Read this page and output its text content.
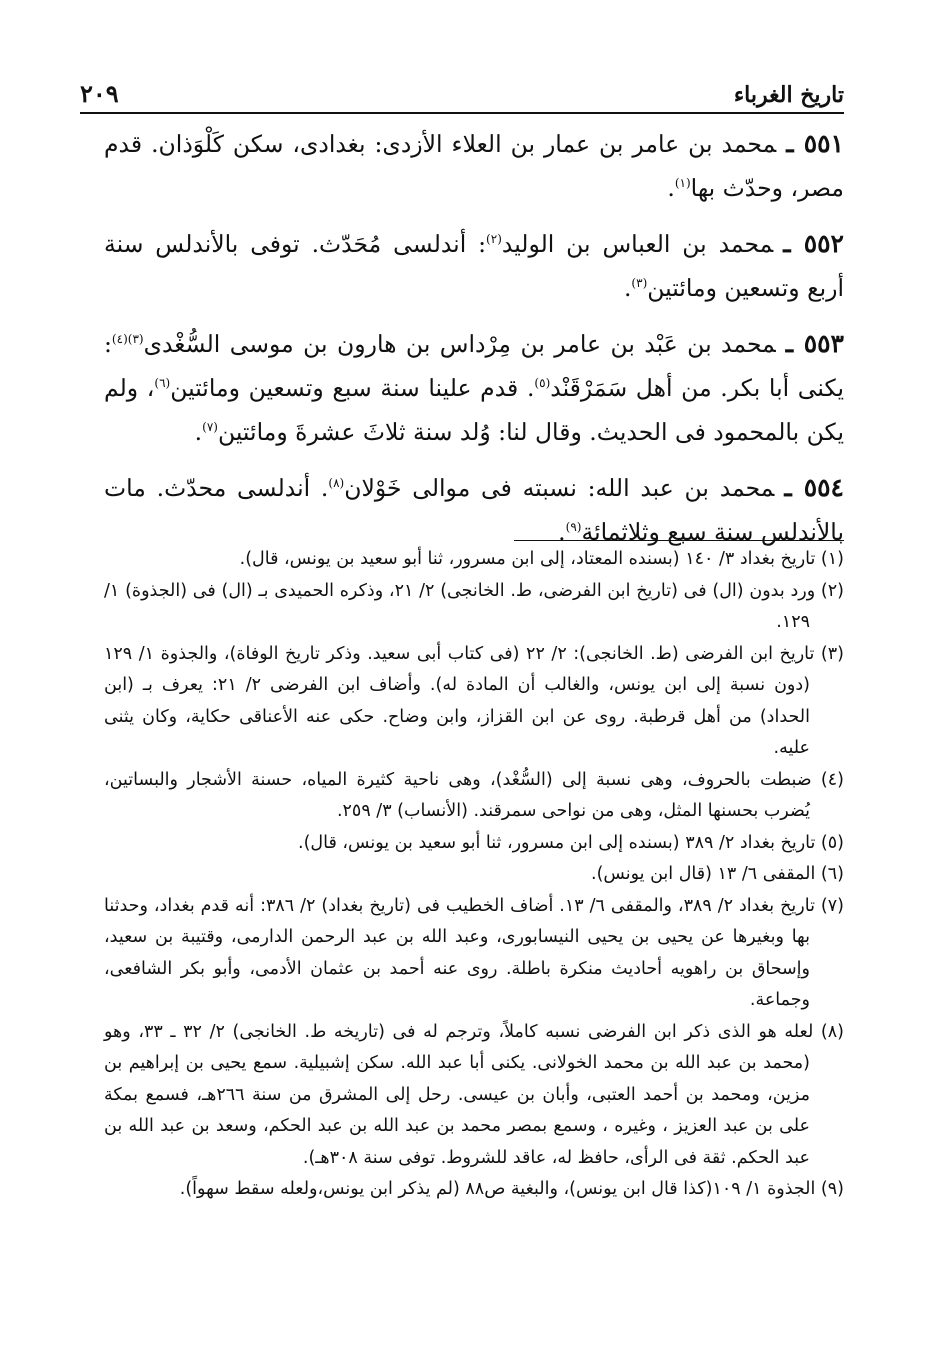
تاريخ الغرباء
٢٠٩

٥٥١ ـمحمد بن عامر بن عمار بن العلاء الأزدى: بغدادى، سكن كَلْوَذان. قدم مصر، وحدّث بها$^{(١)}$.

٥٥٢ ـمحمد بن العباس بن الوليد$^{(٢)}$: أندلسى مُحَدّث. توفى بالأندلس سنة أربع وتسعين ومائتين$^{(٣)}$.

٥٥٣ ـمحمد بن عَبْد بن عامر بن مِرْداس بن هارون بن موسى السُّغْدى$^{(٣)(٤)}$: يكنى أبا بكر. من أهل سَمَرْقَنْد$^{(٥)}$. قدم علينا سنة سبع وتسعين ومائتين$^{(٦)}$، ولم يكن بالمحمود فى الحديث. وقال لنا: وُلد سنة ثلاثَ عشرةَ ومائتين$^{(٧)}$.

٥٥٤ ـمحمد بن عبد الله: نسبته فى موالى خَوْلان$^{(٨)}$. أندلسى محدّث. مات بالأندلس سنة سبع وثلاثمائة$^{(٩)}$.

(١) تاريخ بغداد ٣/ ١٤٠ (بسنده المعتاد، إلى ابن مسرور، ثنا أبو سعيد بن يونس، قال).

(٢) ورد بدون (ال) فى (تاريخ ابن الفرضى، ط. الخانجى) ٢/ ٢١، وذكره الحميدى بـ (ال) فى (الجذوة) ١/ ١٢٩.

(٣) تاريخ ابن الفرضى (ط. الخانجى): ٢/ ٢٢ (فى كتاب أبى سعيد. وذكر تاريخ الوفاة)، والجذوة ١/ ١٢٩ (دون نسبة إلى ابن يونس، والغالب أن المادة له). وأضاف ابن الفرضى ٢/ ٢١: يعرف بـ (ابن الحداد) من أهل قرطبة. روى عن ابن القزاز، وابن وضاح. حكى عنه الأعناقى حكاية، وكان يثنى عليه.

(٤) ضبطت بالحروف، وهى نسبة إلى (السُّغْد)، وهى ناحية كثيرة المياه، حسنة الأشجار والبساتين، يُضرب بحسنها المثل، وهى من نواحى سمرقند. (الأنساب) ٣/ ٢٥٩.

(٥) تاريخ بغداد ٢/ ٣٨٩ (بسنده إلى ابن مسرور، ثنا أبو سعيد بن يونس، قال).

(٦) المقفى ٦/ ١٣ (قال ابن يونس).

(٧) تاريخ بغداد ٢/ ٣٨٩، والمقفى ٦/ ١٣. أضاف الخطيب فى (تاريخ بغداد) ٢/ ٣٨٦: أنه قدم بغداد، وحدثنا بها وبغيرها عن يحيى بن يحيى النيسابورى، وعبد الله بن عبد الرحمن الدارمى، وقتيبة بن سعيد، وإسحاق بن راهويه أحاديث منكرة باطلة. روى عنه أحمد بن عثمان الأدمى، وأبو بكر الشافعى، وجماعة.

(٨) لعله هو الذى ذكر ابن الفرضى نسبه كاملاً، وترجم له فى (تاريخه ط. الخانجى) ٢/ ٣٢ ـ ٣٣، وهو (محمد بن عبد الله بن محمد الخولانى. يكنى أبا عبد الله. سكن إشبيلية. سمع يحيى بن إبراهيم بن مزين، ومحمد بن أحمد العتبى، وأبان بن عيسى. رحل إلى المشرق من سنة ٢٦٦هـ، فسمع بمكة على بن عبد العزيز ، وغيره ، وسمع بمصر محمد بن عبد الله بن عبد الحكم، وسعد بن عبد الله بن عبد الحكم. ثقة فى الرأى، حافظ له، عاقد للشروط. توفى سنة ٣٠٨هـ).

(٩) الجذوة ١/ ١٠٩(كذا قال ابن يونس)، والبغية ص٨٨ (لم يذكر ابن يونس،ولعله سقط سهواً).
